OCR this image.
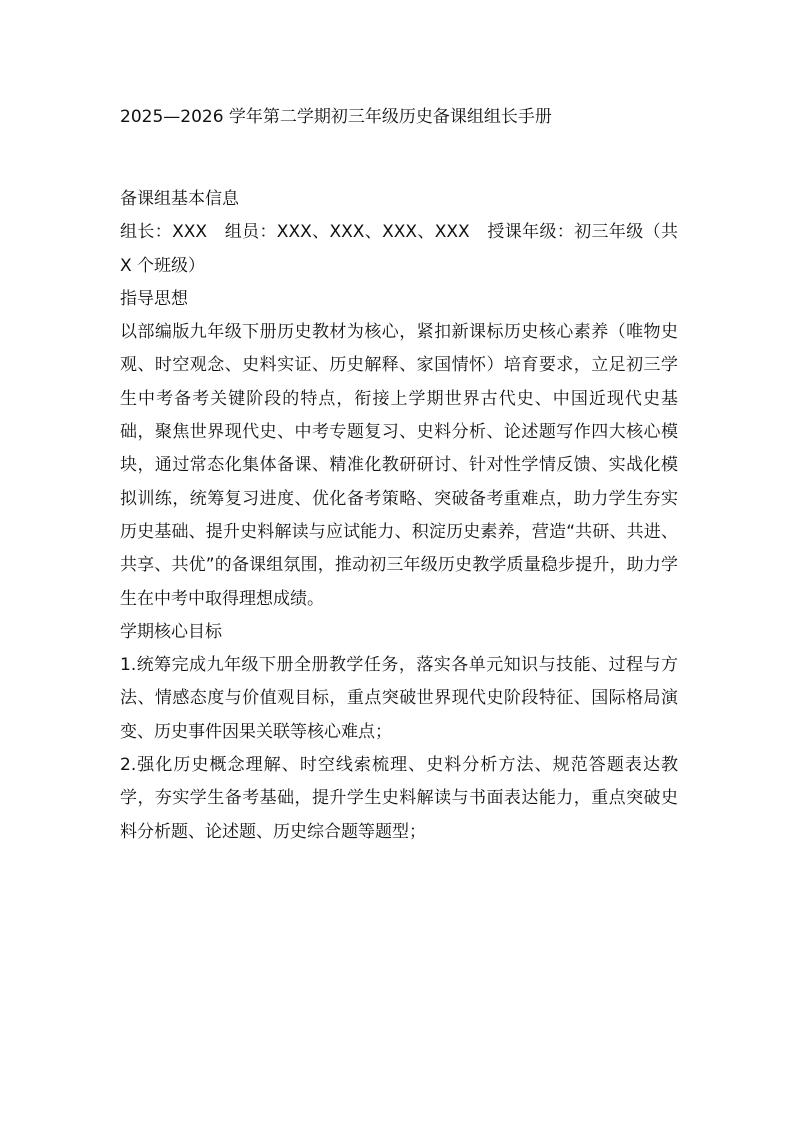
2025—2026 学年第二学期初三年级历史备课组组长手册

备课组基本信息

组长：XXX　组员：XXX、XXX、XXX、XXX　授课年级：初三年级（共 X 个班级）

指导思想

以部编版九年级下册历史教材为核心，紧扣新课标历史核心素养（唯物史观、时空观念、史料实证、历史解释、家国情怀）培育要求，立足初三学生中考备考关键阶段的特点，衔接上学期世界古代史、中国近现代史基础，聚焦世界现代史、中考专题复习、史料分析、论述题写作四大核心模块，通过常态化集体备课、精准化教研研讨、针对性学情反馈、实战化模拟训练，统筹复习进度、优化备考策略、突破备考重难点，助力学生夯实历史基础、提升史料解读与应试能力、积淀历史素养，营造“共研、共进、共享、共优”的备课组氛围，推动初三年级历史教学质量稳步提升，助力学生在中考中取得理想成绩。

学期核心目标

1.统筹完成九年级下册全册教学任务，落实各单元知识与技能、过程与方法、情感态度与价值观目标，重点突破世界现代史阶段特征、国际格局演变、历史事件因果关联等核心难点；

2.强化历史概念理解、时空线索梳理、史料分析方法、规范答题表达教学，夯实学生备考基础，提升学生史料解读与书面表达能力，重点突破史料分析题、论述题、历史综合题等题型；
